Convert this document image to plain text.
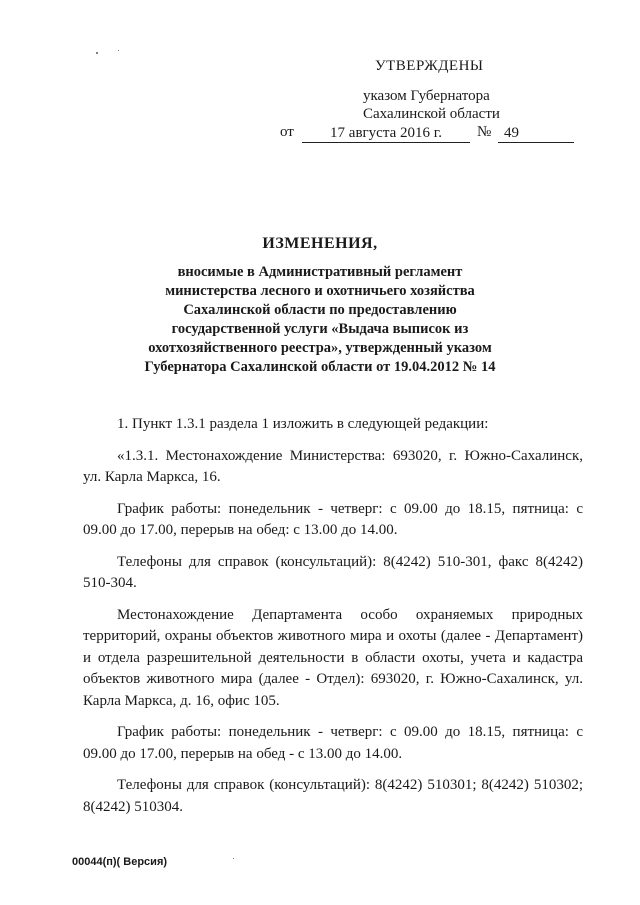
УТВЕРЖДЕНЫ
указом Губернатора
Сахалинской области
от	17 августа 2016 г.	№ 49
ИЗМЕНЕНИЯ,
вносимые в Административный регламент
министерства лесного и охотничьего хозяйства
Сахалинской области по предоставлению
государственной услуги «Выдача выписок из
охотхозяйственного реестра», утвержденный указом
Губернатора Сахалинской области от 19.04.2012 № 14

1. Пункт 1.3.1 раздела 1 изложить в следующей редакции:

«1.3.1. Местонахождение Министерства: 693020, г. Южно-Сахалинск, ул. Карла Маркса, 16.

График работы: понедельник - четверг: с 09.00 до 18.15, пятница: с 09.00 до 17.00, перерыв на обед: с 13.00 до 14.00.

Телефоны для справок (консультаций): 8(4242) 510-301, факс 8(4242) 510-304.

Местонахождение Департамента особо охраняемых природных территорий, охраны объектов животного мира и охоты (далее - Департамент) и отдела разрешительной деятельности в области охоты, учета и кадастра объектов животного мира (далее - Отдел): 693020, г. Южно-Сахалинск, ул. Карла Маркса, д. 16, офис 105.

График работы: понедельник - четверг: с 09.00 до 18.15, пятница: с 09.00 до 17.00, перерыв на обед - с 13.00 до 14.00.

Телефоны для справок (консультаций): 8(4242) 510301; 8(4242) 510302; 8(4242) 510304.

00044(п)( Версия)
